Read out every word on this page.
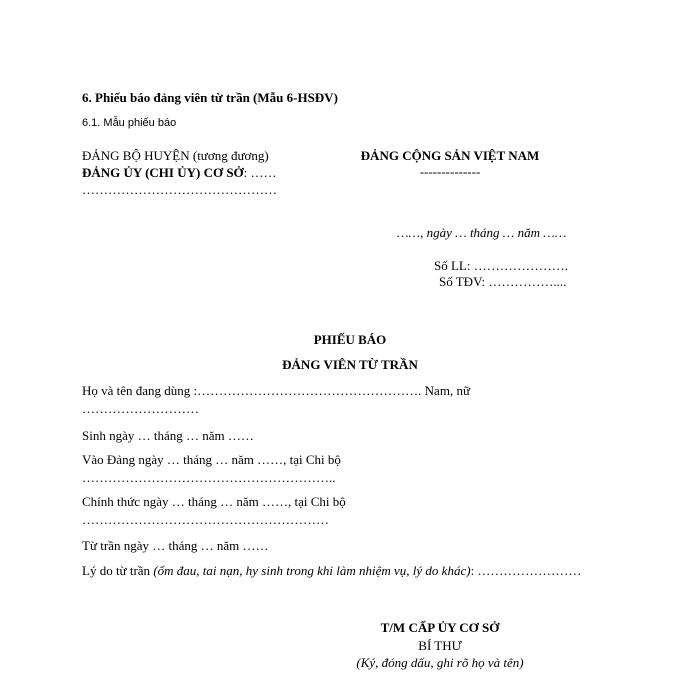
6. Phiếu báo đảng viên từ trần (Mẫu 6-HSĐV)
6.1. Mẫu phiếu báo
ĐẢNG BỘ HUYỆN (tương đương)
ĐẢNG ỦY (CHI ỦY) CƠ SỞ: ……
………………………………………
ĐẢNG CỘNG SẢN VIỆT NAM
--------------
……, ngày … tháng … năm ……
Số LL: ………………….
Số TĐV: ……………....
PHIẾU BÁO
ĐẢNG VIÊN TỪ TRẦN
Họ và tên đang dùng :……………………………………………. Nam, nữ
………………………
Sinh ngày … tháng … năm ……
Vào Đảng ngày … tháng … năm ……, tại Chi bộ
…………………………………………………..
Chính thức ngày … tháng … năm ……, tại Chi bộ
…………………………………………………
Từ trần ngày … tháng … năm ……
Lý do từ trần (ốm đau, tai nạn, hy sinh trong khi làm nhiệm vụ, lý do khác): ……………………
T/M CẤP ỦY CƠ SỞ
BÍ THƯ
(Ký, đóng dấu, ghi rõ họ và tên)
